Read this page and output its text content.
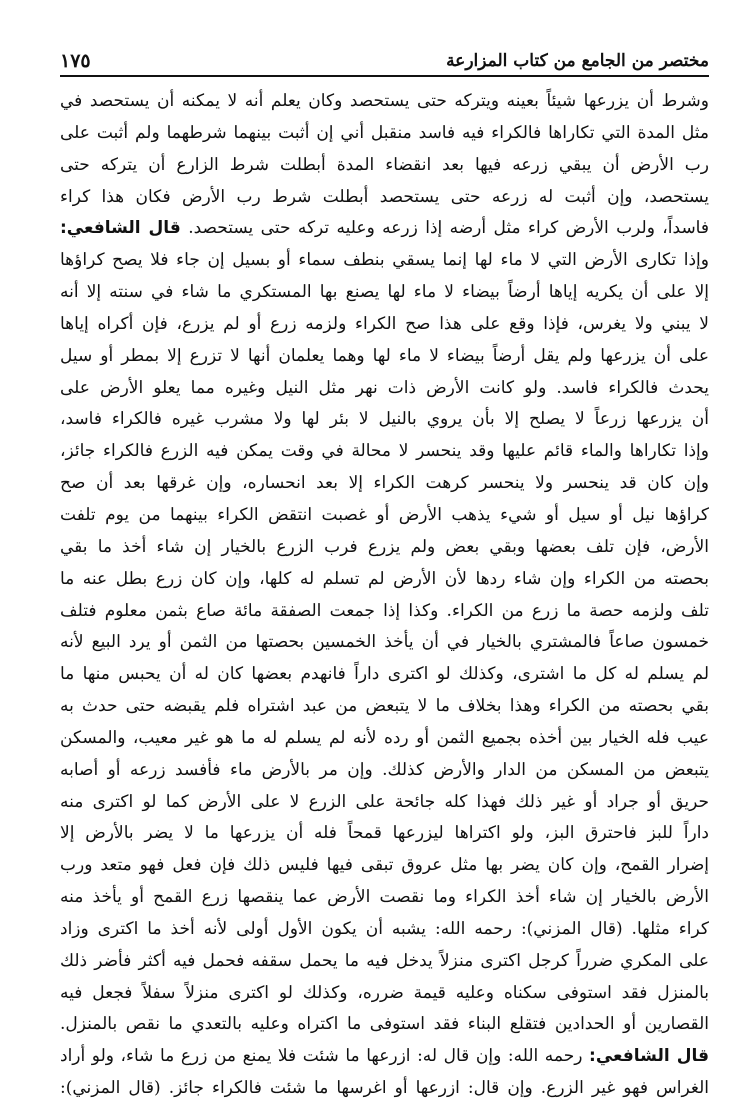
مختصر من الجامع من كتاب المزارعة
١٧٥
وشرط أن يزرعها شيئاً بعينه ويتركه حتى يستحصد وكان يعلم أنه لا يمكنه أن يستحصد في
مثل المدة التي تكاراها فالكراء فيه فاسد منقبل أني إن أثبت بينهما شرطهما ولم أثبت على
رب الأرض أن يبقي زرعه فيها بعد انقضاء المدة أبطلت شرط الزارع أن يتركه حتى
يستحصد، وإن أثبت له زرعه حتى يستحصد أبطلت شرط رب الأرض فكان هذا كراء
فاسداً، ولرب الأرض كراء مثل أرضه إذا زرعه وعليه تركه حتى يستحصد. قال الشافعي:
وإذا تكارى الأرض التي لا ماء لها إنما يسقي بنطف سماء أو بسيل إن جاء فلا يصح كراؤها
إلا على أن يكريه إياها أرضاً بيضاء لا ماء لها يصنع بها المستكري ما شاء في سنته إلا أنه
لا يبني ولا يغرس، فإذا وقع على هذا صح الكراء ولزمه زرع أو لم يزرع، فإن أكراه إياها
على أن يزرعها ولم يقل أرضاً بيضاء لا ماء لها وهما يعلمان أنها لا تزرع إلا بمطر أو سيل
يحدث فالكراء فاسد. ولو كانت الأرض ذات نهر مثل النيل وغيره مما يعلو الأرض على
أن يزرعها زرعاً لا يصلح إلا بأن يروي بالنيل لا بئر لها ولا مشرب غيره فالكراء فاسد،
وإذا تكاراها والماء قائم عليها وقد ينحسر لا محالة في وقت يمكن فيه الزرع فالكراء جائز،
وإن كان قد ينحسر ولا ينحسر كرهت الكراء إلا بعد انحساره، وإن غرقها بعد أن صح
كراؤها نيل أو سيل أو شيء يذهب الأرض أو غصبت انتقض الكراء بينهما من يوم تلفت
الأرض، فإن تلف بعضها وبقي بعض ولم يزرع فرب الزرع بالخيار إن شاء أخذ ما بقي
بحصته من الكراء وإن شاء ردها لأن الأرض لم تسلم له كلها، وإن كان زرع بطل عنه ما
تلف ولزمه حصة ما زرع من الكراء. وكذا إذا جمعت الصفقة مائة صاع بثمن معلوم فتلف
خمسون صاعاً فالمشتري بالخيار في أن يأخذ الخمسين بحصتها من الثمن أو يرد البيع لأنه
لم يسلم له كل ما اشترى، وكذلك لو اكترى داراً فانهدم بعضها كان له أن يحبس منها ما
بقي بحصته من الكراء وهذا بخلاف ما لا يتبعض من عبد اشتراه فلم يقبضه حتى حدث به
عيب فله الخيار بين أخذه بجميع الثمن أو رده لأنه لم يسلم له ما هو غير معيب، والمسكن
يتبعض من المسكن من الدار والأرض كذلك. وإن مر بالأرض ماء فأفسد زرعه أو أصابه
حريق أو جراد أو غير ذلك فهذا كله جائحة على الزرع لا على الأرض كما لو اكترى منه
داراً للبز فاحترق البز، ولو اكتراها ليزرعها قمحاً فله أن يزرعها ما لا يضر بالأرض إلا
إضرار القمح، وإن كان يضر بها مثل عروق تبقى فيها فليس ذلك فإن فعل فهو متعد ورب
الأرض بالخيار إن شاء أخذ الكراء وما نقصت الأرض عما ينقصها زرع القمح أو يأخذ منه
كراء مثلها. (قال المزني): رحمه الله: يشبه أن يكون الأول أولى لأنه أخذ ما اكترى وزاد
على المكري ضرراً كرجل اكترى منزلاً يدخل فيه ما يحمل سقفه فحمل فيه أكثر فأضر ذلك
بالمنزل فقد استوفى سكناه وعليه قيمة ضرره، وكذلك لو اكترى منزلاً سفلاً فجعل فيه
القصارين أو الحدادين فتقلع البناء فقد استوفى ما اكتراه وعليه بالتعدي ما نقص بالمنزل.
قال الشافعي: رحمه الله: وإن قال له: ازرعها ما شئت فلا يمنع من زرع ما شاء، ولو أراد
الغراس فهو غير الزرع. وإن قال: ازرعها أو اغرسها ما شئت فالكراء جائز. (قال المزني):
